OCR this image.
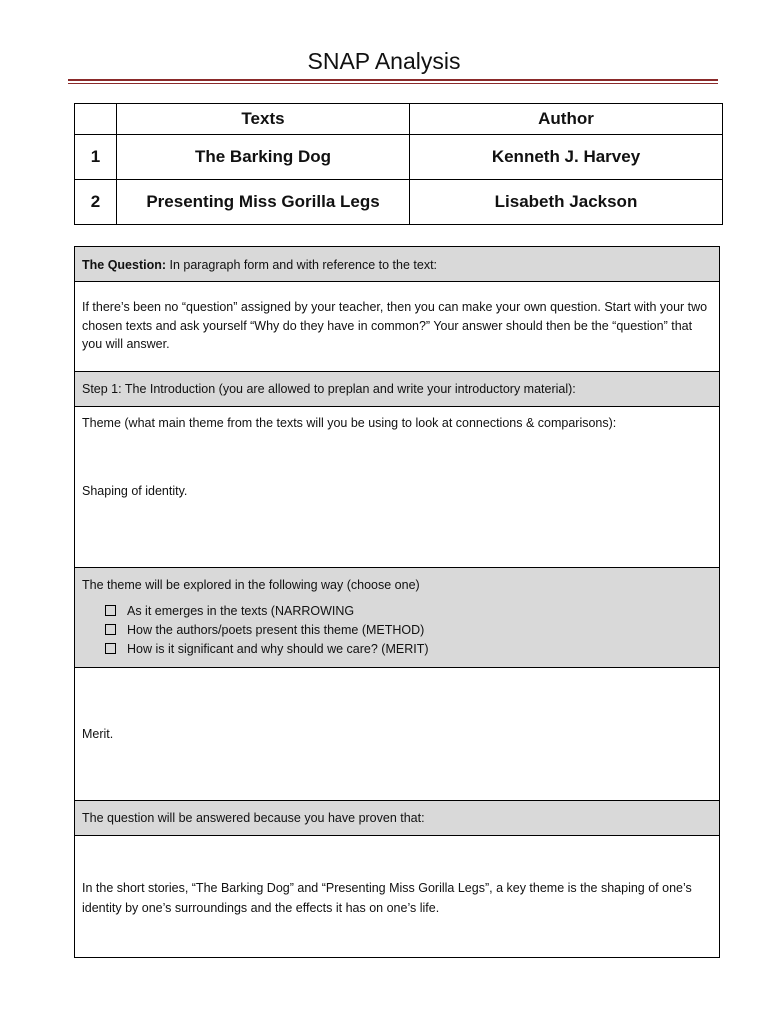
SNAP Analysis
	Texts	Author
1	The Barking Dog	Kenneth J. Harvey
2	Presenting Miss Gorilla Legs	Lisabeth Jackson
The Question: In paragraph form and with reference to the text:
If there’s been no “question” assigned by your teacher, then you can make your own question. Start with your two chosen texts and ask yourself “Why do they have in common?” Your answer should then be the “question” that you will answer.
Step 1: The Introduction (you are allowed to preplan and write your introductory material):
Theme (what main theme from the texts will you be using to look at connections & comparisons):
Shaping of identity.
The theme will be explored in the following way (choose one)
As it emerges in the texts (NARROWING
How the authors/poets present this theme (METHOD)
How is it significant and why should we care? (MERIT)
Merit.
The question will be answered because you have proven that:
In the short stories, “The Barking Dog” and “Presenting Miss Gorilla Legs”, a key theme is the shaping of one’s identity by one’s surroundings and the effects it has on one’s life.
